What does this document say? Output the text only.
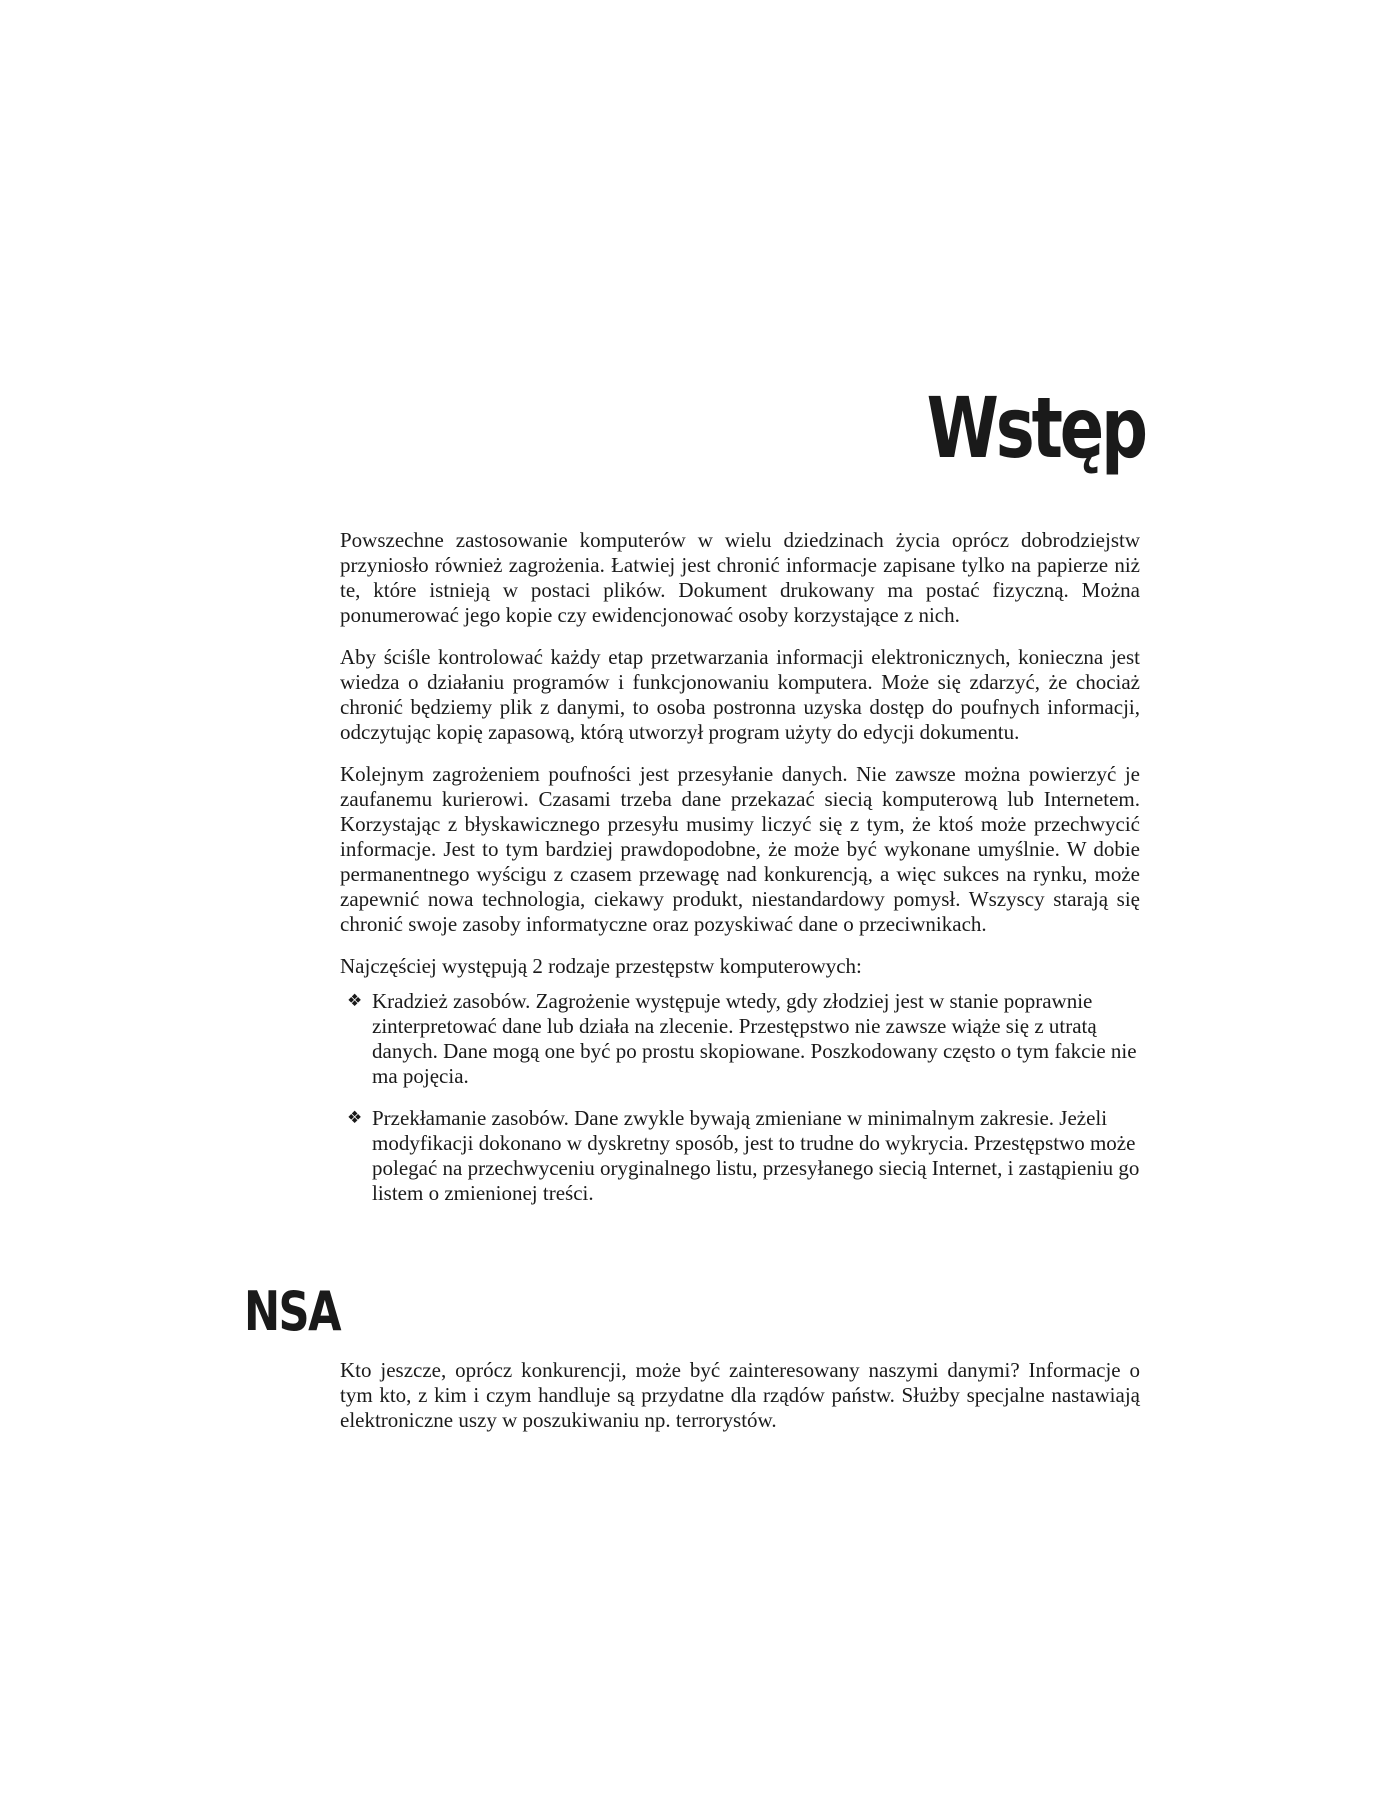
Wstęp

Powszechne zastosowanie komputerów w wielu dziedzinach życia oprócz dobrodziejstw przyniosło również zagrożenia. Łatwiej jest chronić informacje zapisane tylko na papierze niż te, które istnieją w postaci plików. Dokument drukowany ma postać fizyczną. Można ponumerować jego kopie czy ewidencjonować osoby korzystające z nich.

Aby ściśle kontrolować każdy etap przetwarzania informacji elektronicznych, konieczna jest wiedza o działaniu programów i funkcjonowaniu komputera. Może się zdarzyć, że chociaż chronić będziemy plik z danymi, to osoba postronna uzyska dostęp do poufnych informacji, odczytując kopię zapasową, którą utworzył program użyty do edycji dokumentu.

Kolejnym zagrożeniem poufności jest przesyłanie danych. Nie zawsze można powierzyć je zaufanemu kurierowi. Czasami trzeba dane przekazać siecią komputerową lub Internetem. Korzystając z błyskawicznego przesyłu musimy liczyć się z tym, że ktoś może przechwycić informacje. Jest to tym bardziej prawdopodobne, że może być wykonane umyślnie. W dobie permanentnego wyścigu z czasem przewagę nad konkurencją, a więc sukces na rynku, może zapewnić nowa technologia, ciekawy produkt, niestandardowy pomysł. Wszyscy starają się chronić swoje zasoby informatyczne oraz pozyskiwać dane o przeciwnikach.

Najczęściej występują 2 rodzaje przestępstw komputerowych:

❖ Kradzież zasobów. Zagrożenie występuje wtedy, gdy złodziej jest w stanie poprawnie zinterpretować dane lub działa na zlecenie. Przestępstwo nie zawsze wiąże się z utratą danych. Dane mogą one być po prostu skopiowane. Poszkodowany często o tym fakcie nie ma pojęcia.
❖ Przekłamanie zasobów. Dane zwykle bywają zmieniane w minimalnym zakresie. Jeżeli modyfikacji dokonano w dyskretny sposób, jest to trudne do wykrycia. Przestępstwo może polegać na przechwyceniu oryginalnego listu, przesyłanego siecią Internet, i zastąpieniu go listem o zmienionej treści.
NSA

Kto jeszcze, oprócz konkurencji, może być zainteresowany naszymi danymi? Informacje o tym kto, z kim i czym handluje są przydatne dla rządów państw. Służby specjalne nastawiają elektroniczne uszy w poszukiwaniu np. terrorystów.
